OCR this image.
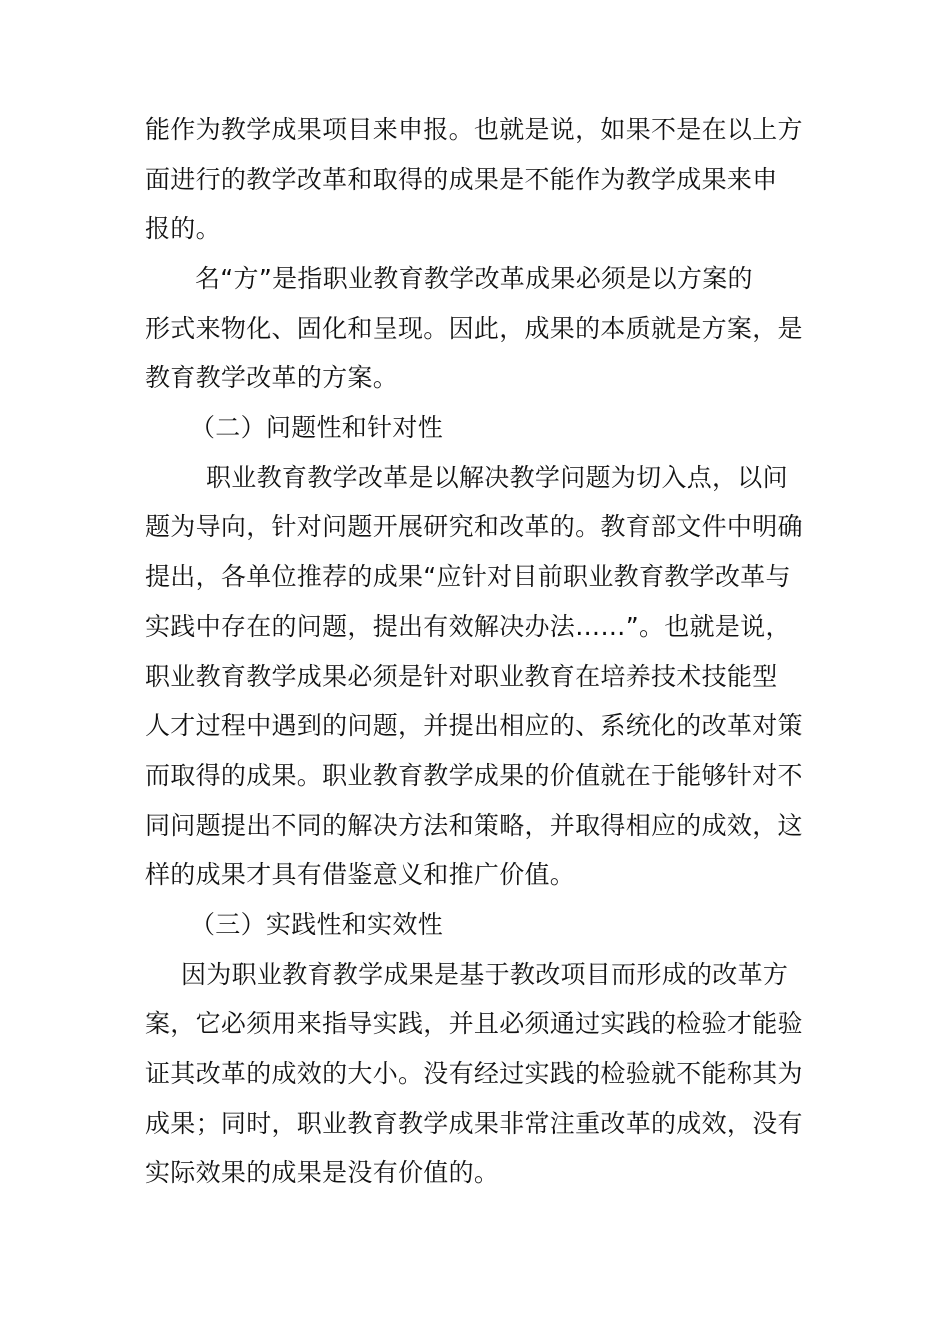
能作为教学成果项目来申报。也就是说，如果不是在以上方
面进行的教学改革和取得的成果是不能作为教学成果来申
报的。
名“方”是指职业教育教学改革成果必须是以方案的
形式来物化、固化和呈现。因此，成果的本质就是方案，是
教育教学改革的方案。
（二）问题性和针对性
职业教育教学改革是以解决教学问题为切入点，以问
题为导向，针对问题开展研究和改革的。教育部文件中明确
提出，各单位推荐的成果“应针对目前职业教育教学改革与
实践中存在的问题，提出有效解决办法……”。也就是说，
职业教育教学成果必须是针对职业教育在培养技术技能型
人才过程中遇到的问题，并提出相应的、系统化的改革对策
而取得的成果。职业教育教学成果的价值就在于能够针对不
同问题提出不同的解决方法和策略，并取得相应的成效，这
样的成果才具有借鉴意义和推广价值。
（三）实践性和实效性
因为职业教育教学成果是基于教改项目而形成的改革方
案，它必须用来指导实践，并且必须通过实践的检验才能验
证其改革的成效的大小。没有经过实践的检验就不能称其为
成果；同时，职业教育教学成果非常注重改革的成效，没有
实际效果的成果是没有价值的。
